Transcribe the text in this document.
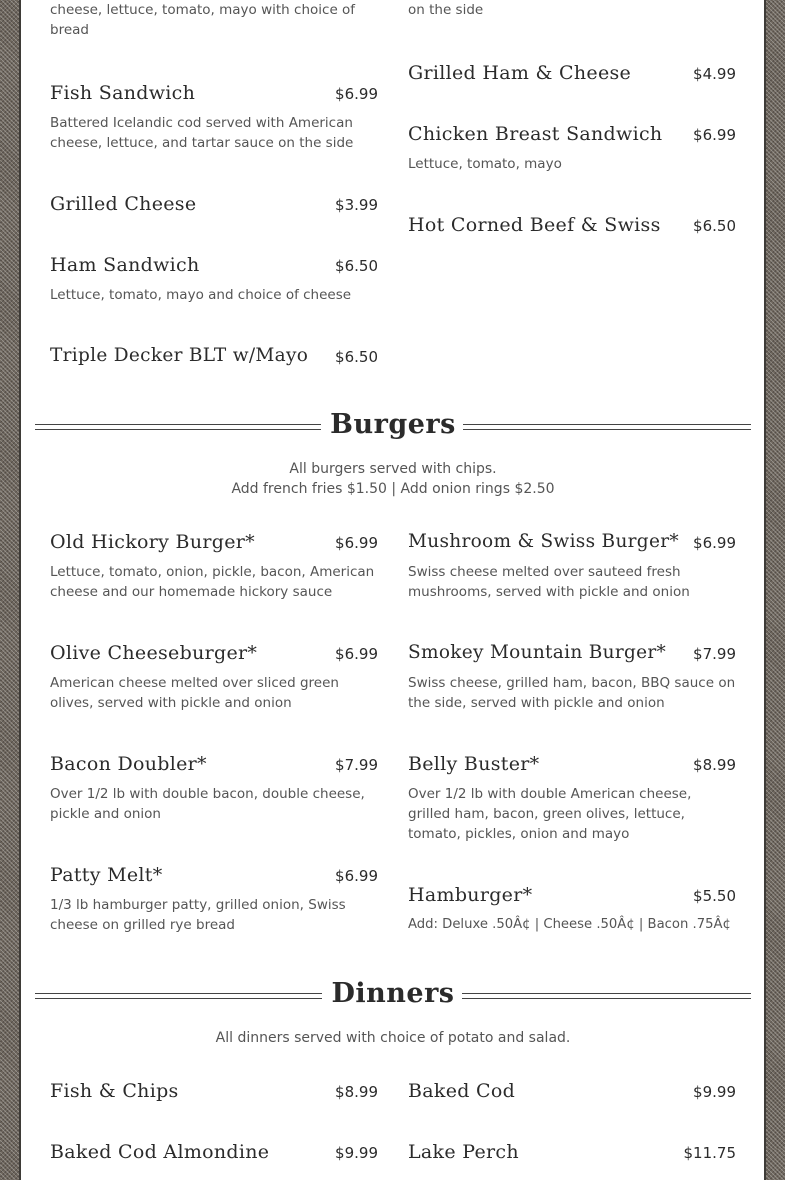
cheese, lettuce, tomato, mayo with choice of bread
Fish Sandwich	$6.99
Battered Icelandic cod served with American cheese, lettuce, and tartar sauce on the side
Grilled Cheese	$3.99
Ham Sandwich	$6.50
Lettuce, tomato, mayo and choice of cheese
Triple Decker BLT w/Mayo $6.50
on the side
Grilled Ham & Cheese	$4.99
Chicken Breast Sandwich $6.99
Lettuce, tomato, mayo
Hot Corned Beef & Swiss $6.50
Burgers
All burgers served with chips.
Add french fries $1.50 | Add onion rings $2.50
Old Hickory Burger*	$6.99
Lettuce, tomato, onion, pickle, bacon, American cheese and our homemade hickory sauce
Olive Cheeseburger*	$6.99
American cheese melted over sliced green olives, served with pickle and onion
Bacon Doubler*	$7.99
Over 1/2 lb with double bacon, double cheese, pickle and onion
Patty Melt*	$6.99
1/3 lb hamburger patty, grilled onion, Swiss cheese on grilled rye bread
Mushroom & Swiss Burger* $6.99
Swiss cheese melted over sauteed fresh mushrooms, served with pickle and onion
Smokey Mountain Burger* $7.99
Swiss cheese, grilled ham, bacon, BBQ sauce on the side, served with pickle and onion
Belly Buster*	$8.99
Over 1/2 lb with double American cheese, grilled ham, bacon, green olives, lettuce, tomato, pickles, onion and mayo
Hamburger*	$5.50
Add: Deluxe .50Â¢ | Cheese .50Â¢ | Bacon .75Â¢
Dinners
All dinners served with choice of potato and salad.
Fish & Chips	$8.99
Baked Cod Almondine	$9.99
Baked Cod	$9.99
Lake Perch	$11.75
